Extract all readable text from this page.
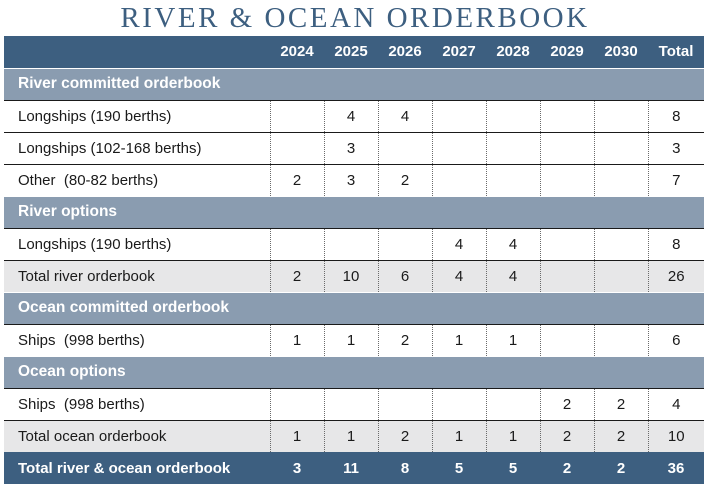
RIVER & OCEAN ORDERBOOK
	2024	2025	2026	2027	2028	2029	2030	Total
River committed orderbook								
Longships (190 berths)		4	4					8
Longships (102-168 berths)		3						3
Other  (80-82 berths)	2	3	2					7
River options								
Longships (190 berths)				4	4			8
Total river orderbook	2	10	6	4	4			26
Ocean committed orderbook								
Ships  (998 berths)	1	1	2	1	1			6
Ocean options								
Ships  (998 berths)						2	2	4
Total ocean orderbook	1	1	2	1	1	2	2	10
Total river & ocean orderbook	3	11	8	5	5	2	2	36
